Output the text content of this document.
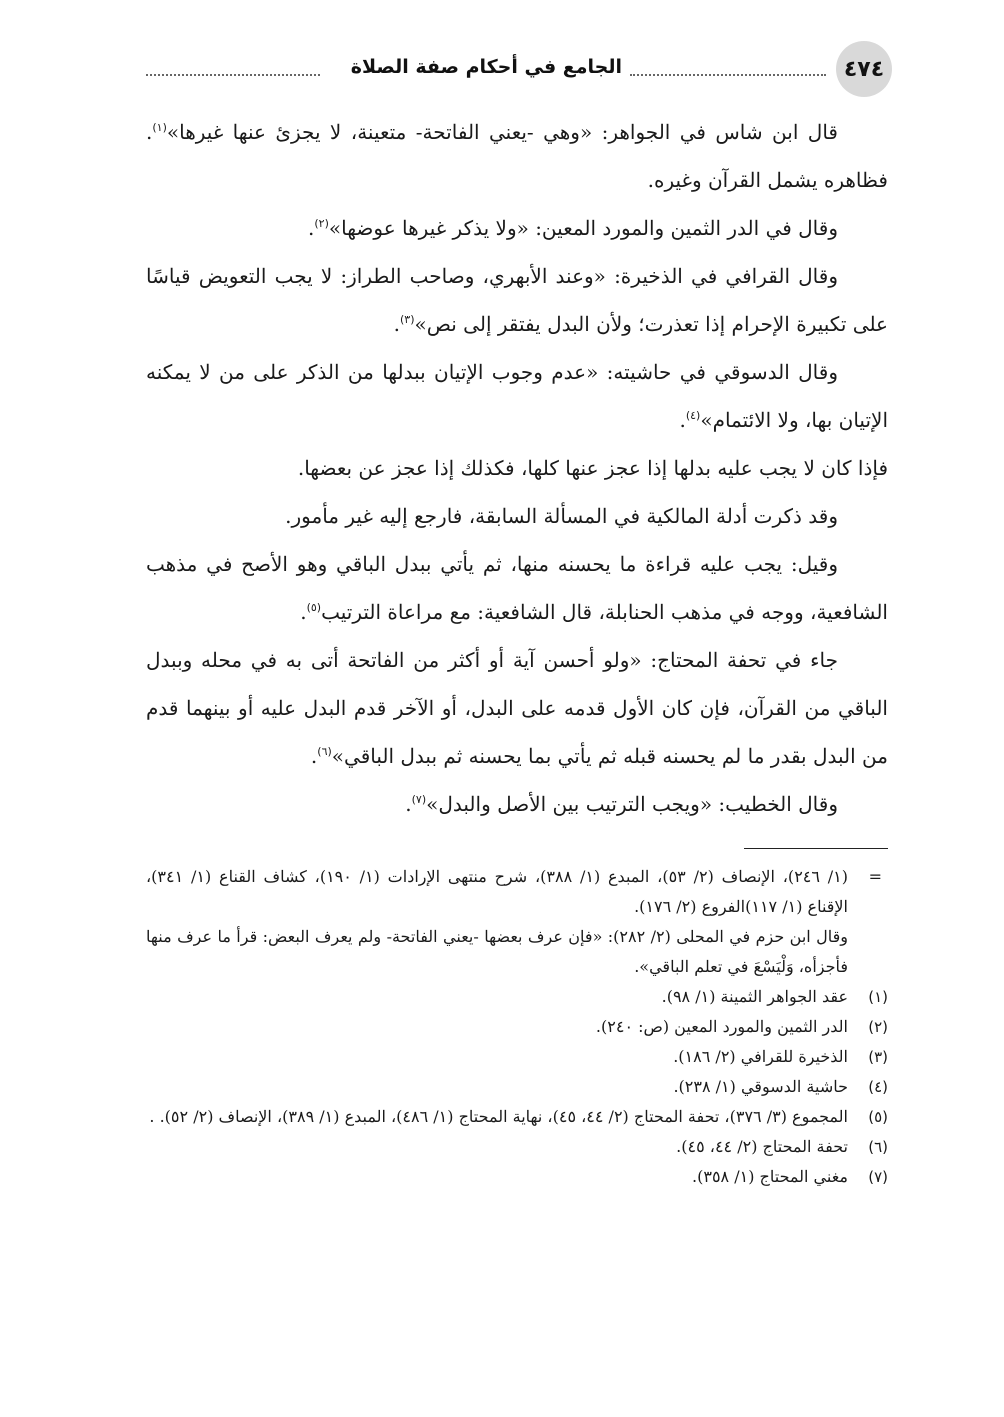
الجامع في أحكام صفة الصلاة	٤٧٤

قال ابن شاس في الجواهر: «وهي -يعني الفاتحة- متعينة، لا يجزئ عنها غيرها»$^{(١)}$. فظاهره يشمل القرآن وغيره.

وقال في الدر الثمين والمورد المعين: «ولا يذكر غيرها عوضها»$^{(٢)}$.

وقال القرافي في الذخيرة: «وعند الأبهري، وصاحب الطراز: لا يجب التعويض قياسًا على تكبيرة الإحرام إذا تعذرت؛ ولأن البدل يفتقر إلى نص»$^{(٣)}$.

وقال الدسوقي في حاشيته: «عدم وجوب الإتيان ببدلها من الذكر على من لا يمكنه الإتيان بها، ولا الائتمام»$^{(٤)}$.

فإذا كان لا يجب عليه بدلها إذا عجز عنها كلها، فكذلك إذا عجز عن بعضها.

وقد ذكرت أدلة المالكية في المسألة السابقة، فارجع إليه غير مأمور.

وقيل: يجب عليه قراءة ما يحسنه منها، ثم يأتي ببدل الباقي وهو الأصح في مذهب الشافعية، ووجه في مذهب الحنابلة، قال الشافعية: مع مراعاة الترتيب$^{(٥)}$.

جاء في تحفة المحتاج: «ولو أحسن آية أو أكثر من الفاتحة أتى به في محله وببدل الباقي من القرآن، فإن كان الأول قدمه على البدل، أو الآخر قدم البدل عليه أو بينهما قدم من البدل بقدر ما لم يحسنه قبله ثم يأتي بما يحسنه ثم ببدل الباقي»$^{(٦)}$.

وقال الخطيب: «ويجب الترتيب بين الأصل والبدل»$^{(٧)}$.

=
(١/ ٢٤٦)، الإنصاف (٢/ ٥٣)، المبدع (١/ ٣٨٨)، شرح منتهى الإرادات (١/ ١٩٠)، كشاف القناع (١/ ٣٤١)، الإقناع (١/ ١١٧)الفروع (٢/ ١٧٦).

وقال ابن حزم في المحلى (٢/ ٢٨٢): «فإن عرف بعضها -يعني الفاتحة- ولم يعرف البعض: قرأ ما عرف منها فأجزأه، وَلْيَسْعَ في تعلم الباقي».

(١)
عقد الجواهر الثمينة (١/ ٩٨).
(٢)
الدر الثمين والمورد المعين (ص: ٢٤٠).
(٣)
الذخيرة للقرافي (٢/ ١٨٦).
(٤)
حاشية الدسوقي (١/ ٢٣٨).
(٥)
المجموع (٣/ ٣٧٦)، تحفة المحتاج (٢/ ٤٤، ٤٥)، نهاية المحتاج (١/ ٤٨٦)، المبدع (١/ ٣٨٩)، الإنصاف (٢/ ٥٢). .
(٦)
تحفة المحتاج (٢/ ٤٤، ٤٥).
(٧)
مغني المحتاج (١/ ٣٥٨).
